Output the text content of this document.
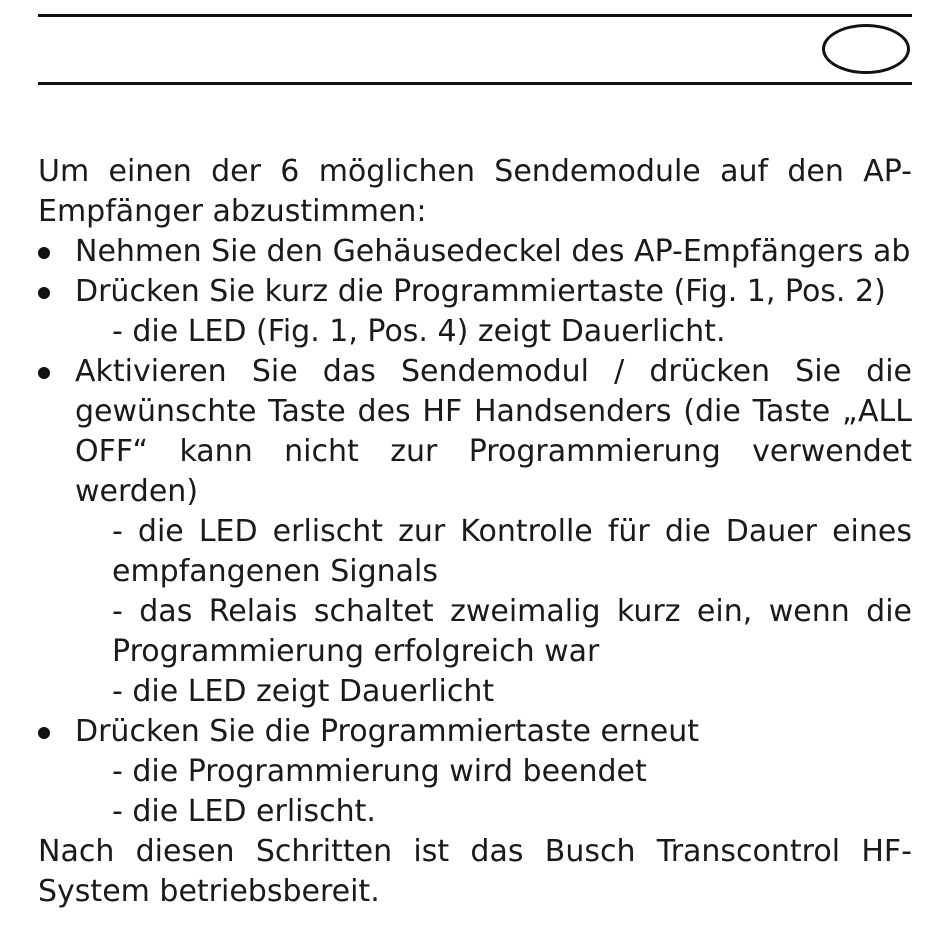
Um einen der 6 möglichen Sendemodule auf den AP-Empfänger abzustimmen:

Nehmen Sie den Gehäusedeckel des AP-Empfängers ab
Drücken Sie kurz die Programmiertaste (Fig. 1, Pos. 2)
- die LED (Fig. 1, Pos. 4) zeigt Dauerlicht.
Aktivieren Sie das Sendemodul / drücken Sie die gewünschte Taste des HF Handsenders (die Taste „ALL OFF“ kann nicht zur Programmierung verwendet werden)
- die LED erlischt zur Kontrolle für die Dauer eines empfangenen Signals
- das Relais schaltet zweimalig kurz ein, wenn die Programmierung erfolgreich war
- die LED zeigt Dauerlicht
Drücken Sie die Programmiertaste erneut
- die Programmierung wird beendet
- die LED erlischt.

Nach diesen Schritten ist das Busch Transcontrol HF-System betriebsbereit.
